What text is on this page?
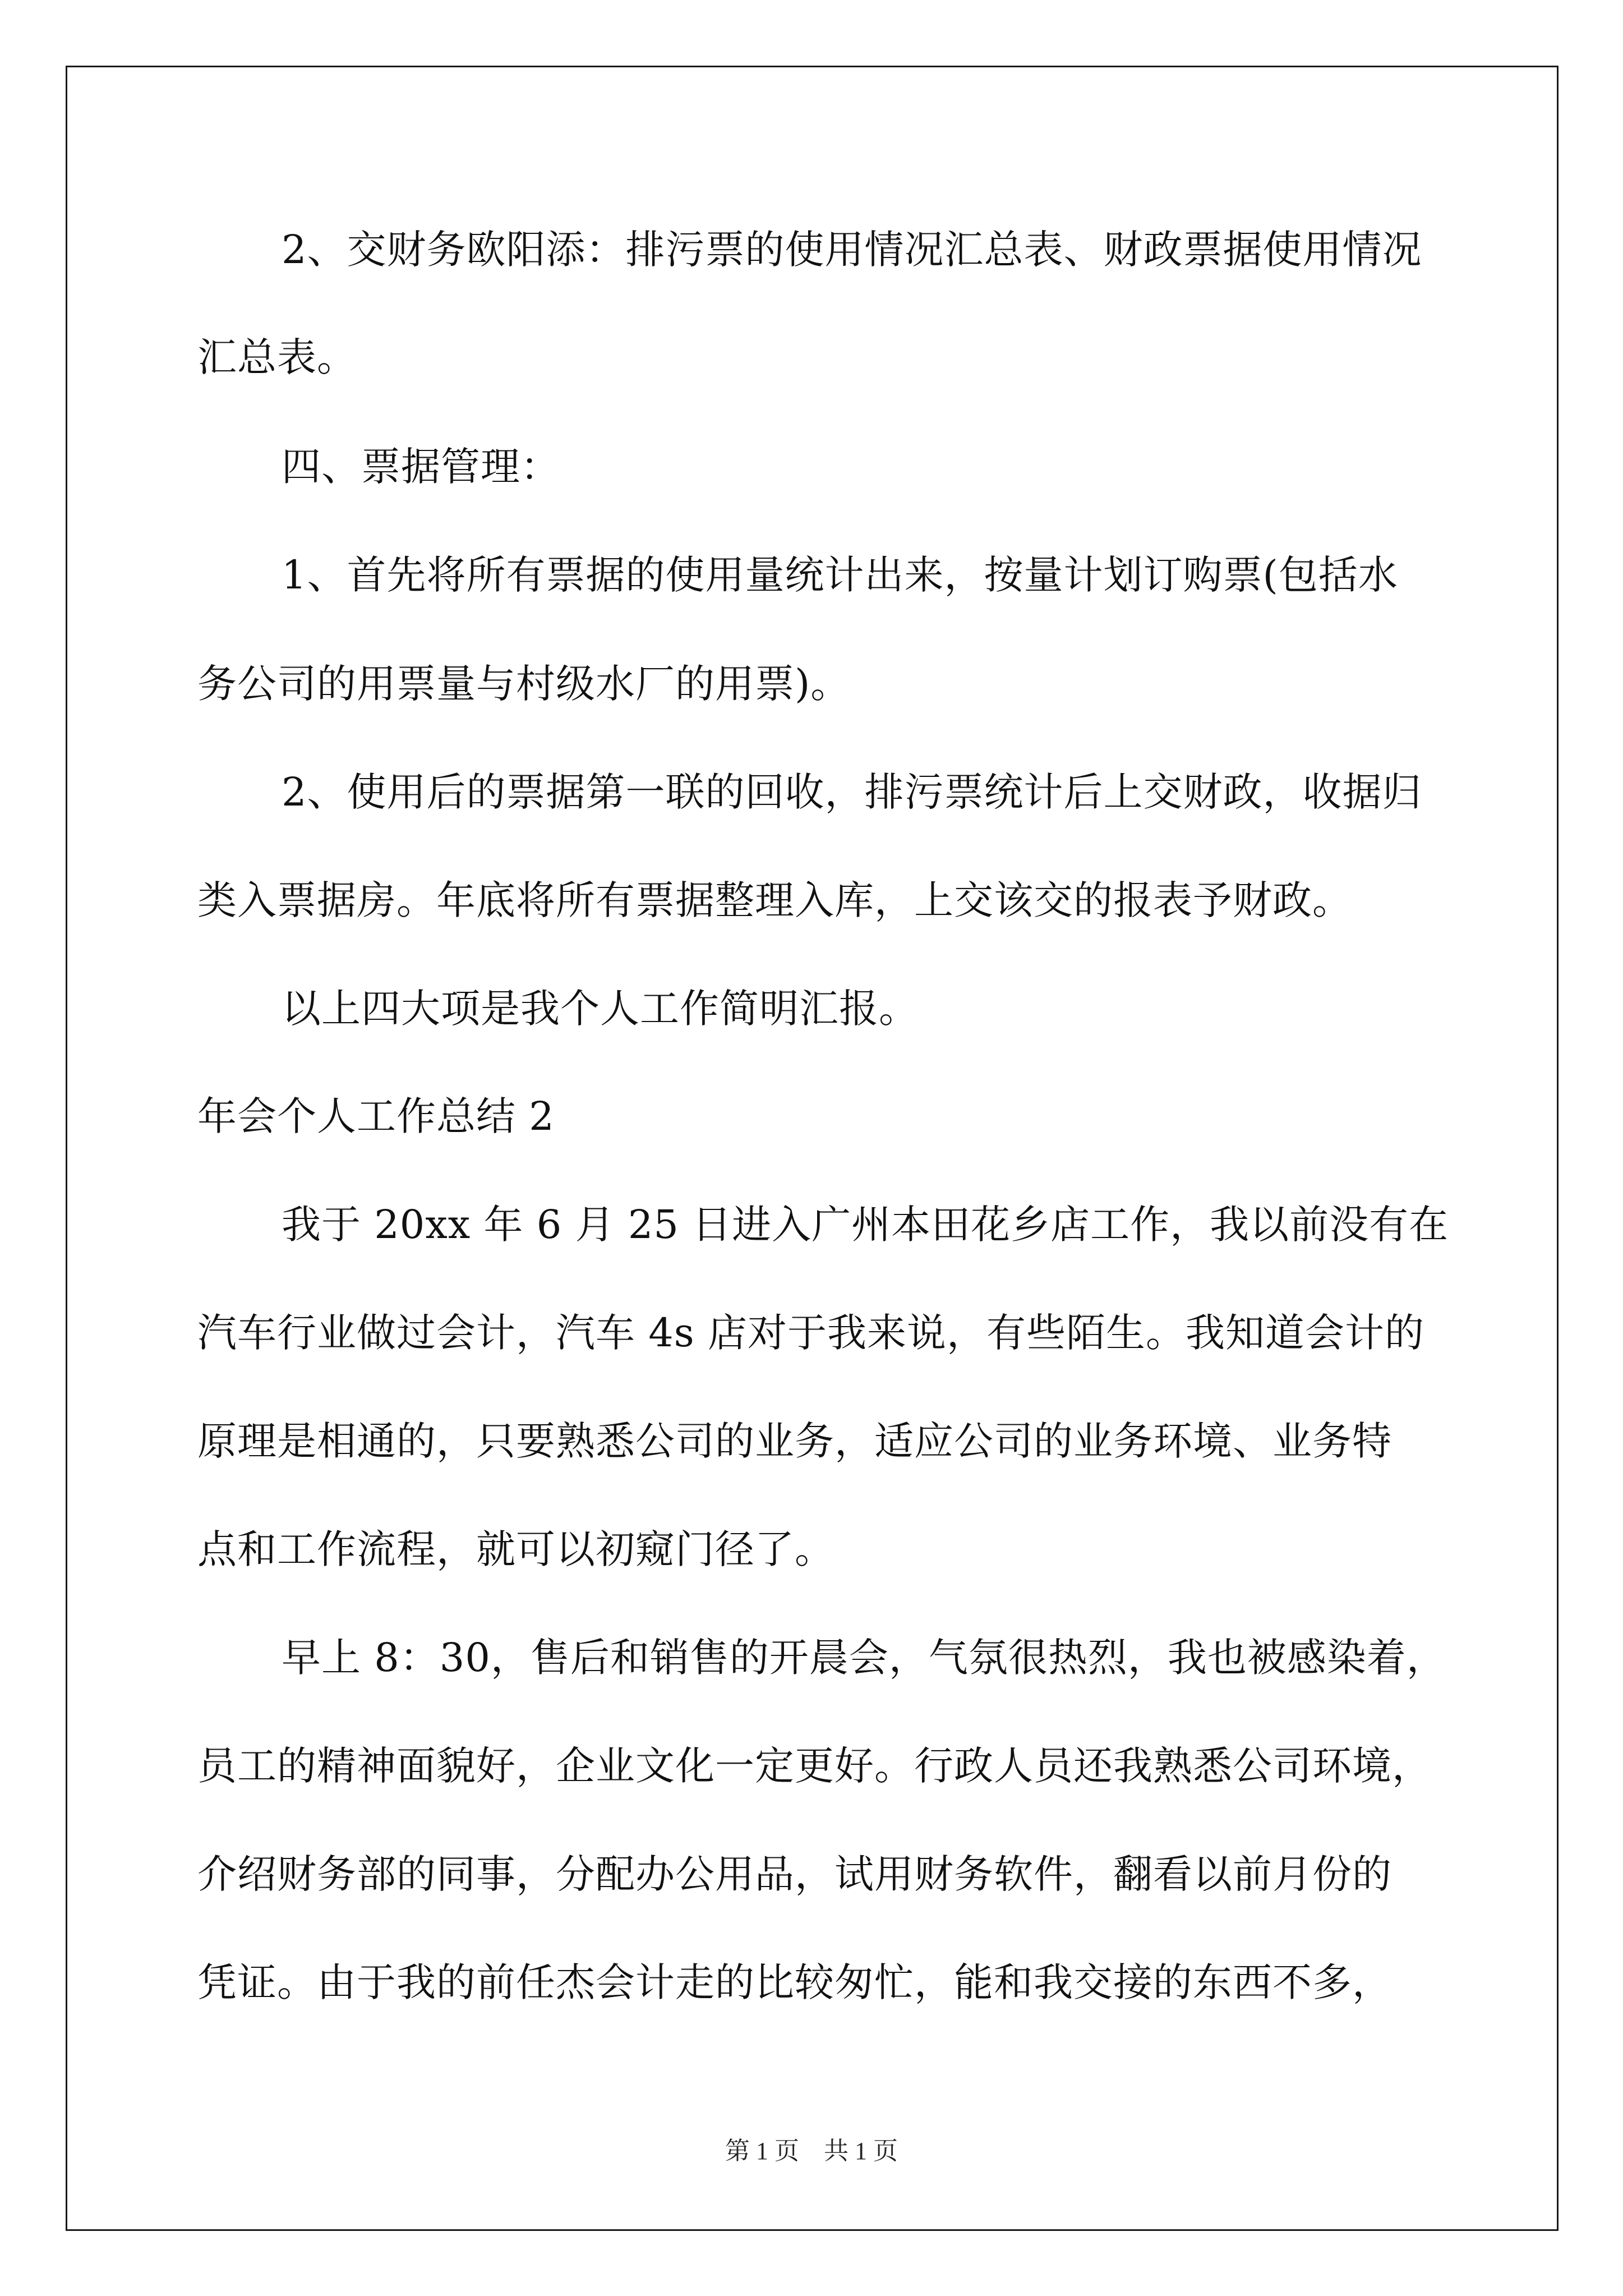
2、交财务欧阳添：排污票的使用情况汇总表、财政票据使用情况
汇总表。
四、票据管理：
1、首先将所有票据的使用量统计出来，按量计划订购票(包括水
务公司的用票量与村级水厂的用票)。
2、使用后的票据第一联的回收，排污票统计后上交财政，收据归
类入票据房。年底将所有票据整理入库，上交该交的报表予财政。
以上四大项是我个人工作简明汇报。
年会个人工作总结 2
我于 20xx 年 6 月 25 日进入广州本田花乡店工作，我以前没有在
汽车行业做过会计，汽车 4s 店对于我来说，有些陌生。我知道会计的
原理是相通的，只要熟悉公司的业务，适应公司的业务环境、业务特
点和工作流程，就可以初窥门径了。
早上 8：30，售后和销售的开晨会，气氛很热烈，我也被感染着，
员工的精神面貌好，企业文化一定更好。行政人员还我熟悉公司环境，
介绍财务部的同事，分配办公用品，试用财务软件，翻看以前月份的
凭证。由于我的前任杰会计走的比较匆忙，能和我交接的东西不多，
第 1 页 共 1 页
